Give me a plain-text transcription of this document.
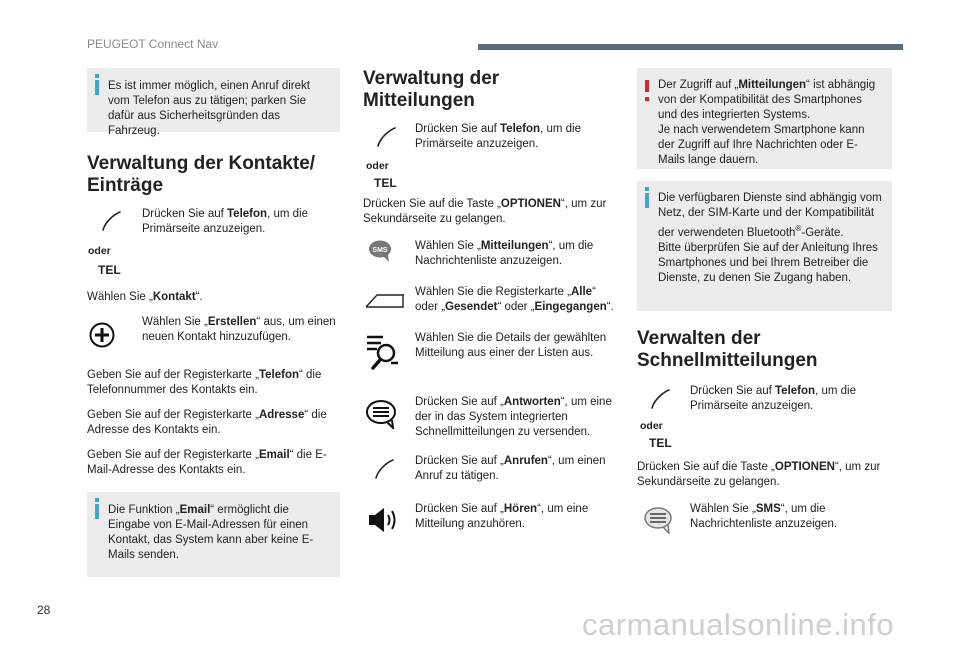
PEUGEOT Connect Nav
Es ist immer möglich, einen Anruf direkt vom Telefon aus zu tätigen; parken Sie dafür aus Sicherheitsgründen das Fahrzeug.
Verwaltung der Kontakte/ Einträge
oder
TEL
Drücken Sie auf Telefon, um die Primärseite anzuzeigen.
Wählen Sie „Kontakt“.
Wählen Sie „Erstellen“ aus, um einen neuen Kontakt hinzuzufügen.
Geben Sie auf der Registerkarte „Telefon“ die Telefonnummer des Kontakts ein.
Geben Sie auf der Registerkarte „Adresse“ die Adresse des Kontakts ein.
Geben Sie auf der Registerkarte „Email“ die E-Mail-Adresse des Kontakts ein.
Die Funktion „Email“ ermöglicht die Eingabe von E-Mail-Adressen für einen Kontakt, das System kann aber keine E-Mails senden.
Verwaltung der Mitteilungen
oder
TEL
Drücken Sie auf Telefon, um die Primärseite anzuzeigen.
Drücken Sie auf die Taste „OPTIONEN“, um zur Sekundärseite zu gelangen.
SMS Wählen Sie „Mitteilungen“, um die Nachrichtenliste anzuzeigen.
Wählen Sie die Registerkarte „Alle“ oder „Gesendet“ oder „Eingegangen“.
Wählen Sie die Details der gewählten Mitteilung aus einer der Listen aus.
Drücken Sie auf „Antworten“, um eine der in das System integrierten Schnellmitteilungen zu versenden.
Drücken Sie auf „Anrufen“, um einen Anruf zu tätigen.
Drücken Sie auf „Hören“, um eine Mitteilung anzuhören.
Der Zugriff auf „Mitteilungen“ ist abhängig von der Kompatibilität des Smartphones und des integrierten Systems.
Je nach verwendetem Smartphone kann der Zugriff auf Ihre Nachrichten oder E-Mails lange dauern.
Die verfügbaren Dienste sind abhängig vom Netz, der SIM-Karte und der Kompatibilität der verwendeten Bluetooth®-Geräte.
Bitte überprüfen Sie auf der Anleitung Ihres Smartphones und bei Ihrem Betreiber die Dienste, zu denen Sie Zugang haben.
Verwalten der Schnellmitteilungen
oder
TEL
Drücken Sie auf Telefon, um die Primärseite anzuzeigen.
Drücken Sie auf die Taste „OPTIONEN“, um zur Sekundärseite zu gelangen.
Wählen Sie „SMS“, um die Nachrichtenliste anzuzeigen.
28	carmanualsonline.info
